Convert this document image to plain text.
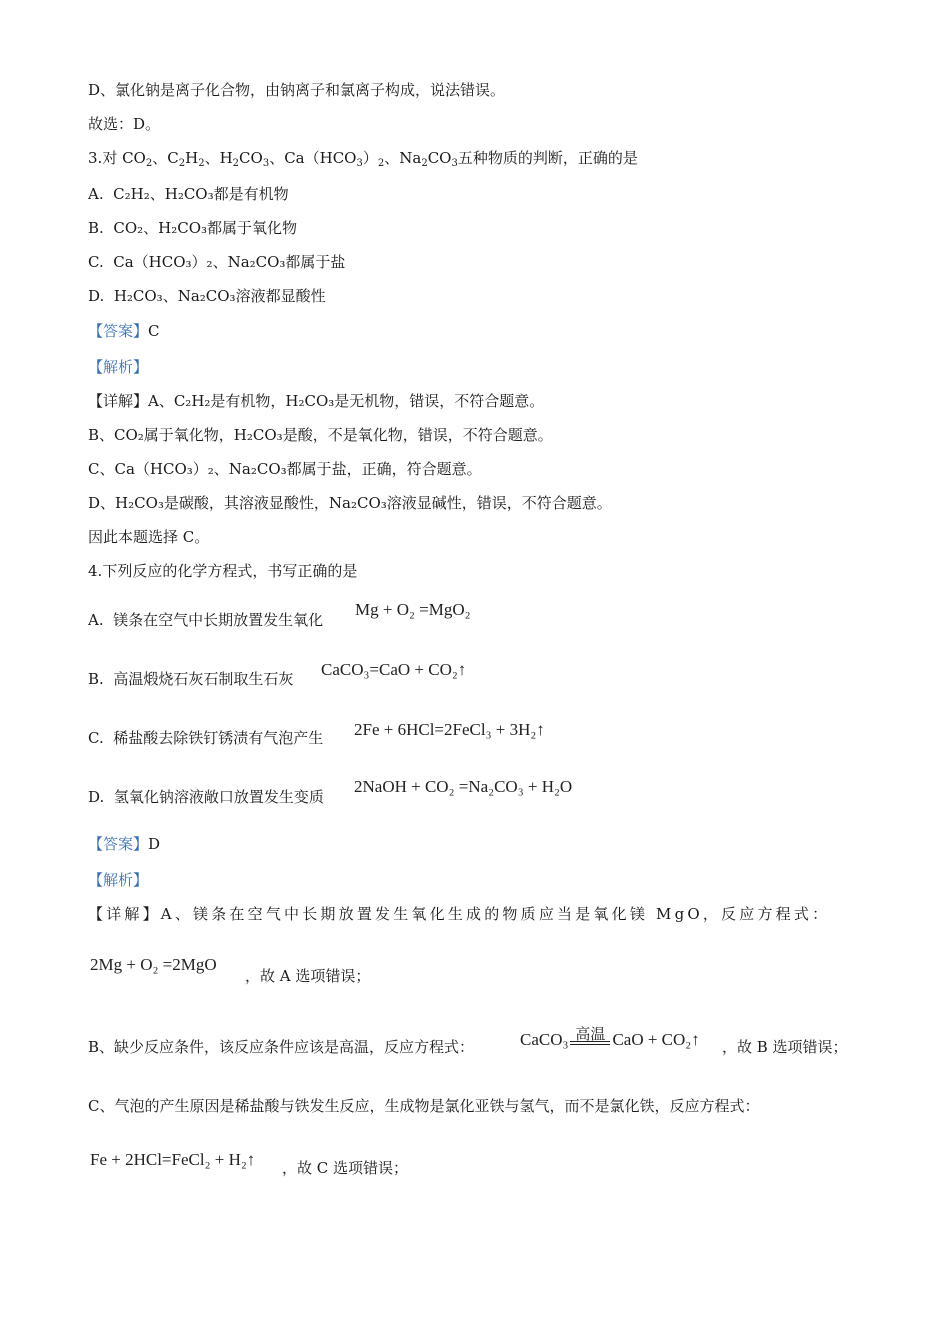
D、氯化钠是离子化合物，由钠离子和氯离子构成，说法错误。
故选：D。
3.对 $CO_2$、$C_2H_2$、$H_2CO_3$、$Ca(HCO_3)_2$、$Na_2CO_3$五种物质的判断，正确的是
A. C₂H₂、H₂CO₃都是有机物
B. CO₂、H₂CO₃都属于氧化物
C. Ca（HCO₃）₂、Na₂CO₃都属于盐
D. H₂CO₃、Na₂CO₃溶液都显酸性
【答案】C
【解析】
【详解】A、C₂H₂是有机物，H₂CO₃是无机物，错误，不符合题意。
B、CO₂属于氧化物，H₂CO₃是酸，不是氧化物，错误，不符合题意。
C、Ca（HCO₃）₂、Na₂CO₃都属于盐，正确，符合题意。
D、H₂CO₃是碳酸，其溶液显酸性，Na₂CO₃溶液显碱性，错误，不符合题意。
因此本题选择 C。
4.下列反应的化学方程式，书写正确的是
A. 镁条在空气中长期放置发生氧化
Mg + O₂ =MgO₂
B. 高温煅烧石灰石制取生石灰 CaCO₃=CaO + CO₂↑
C. 稀盐酸去除铁钉锈渍有气泡产生 2Fe + 6HCl=2FeCl₃ + 3H₂↑
D. 氢氧化钠溶液敞口放置发生变质
2NaOH + CO₂ =Na₂CO₃ + H₂O
【答案】D
【解析】
【详解】A、镁条在空气中长期放置发生氧化生成的物质应当是氧化镁 MgO，反应方程式：
2Mg + O₂ =2MgO
，故 A 选项错误；
B、缺少反应条件，该反应条件应该是高温，反应方程式：	CaCO₃ 高温 CaO + CO₂↑ ，故 B 选项错误；
C、气泡的产生原因是稀盐酸与铁发生反应，生成物是氯化亚铁与氢气，而不是氯化铁，反应方程式：
Fe + 2HCl=FeCl₂ + H₂↑ ，故 C 选项错误；
